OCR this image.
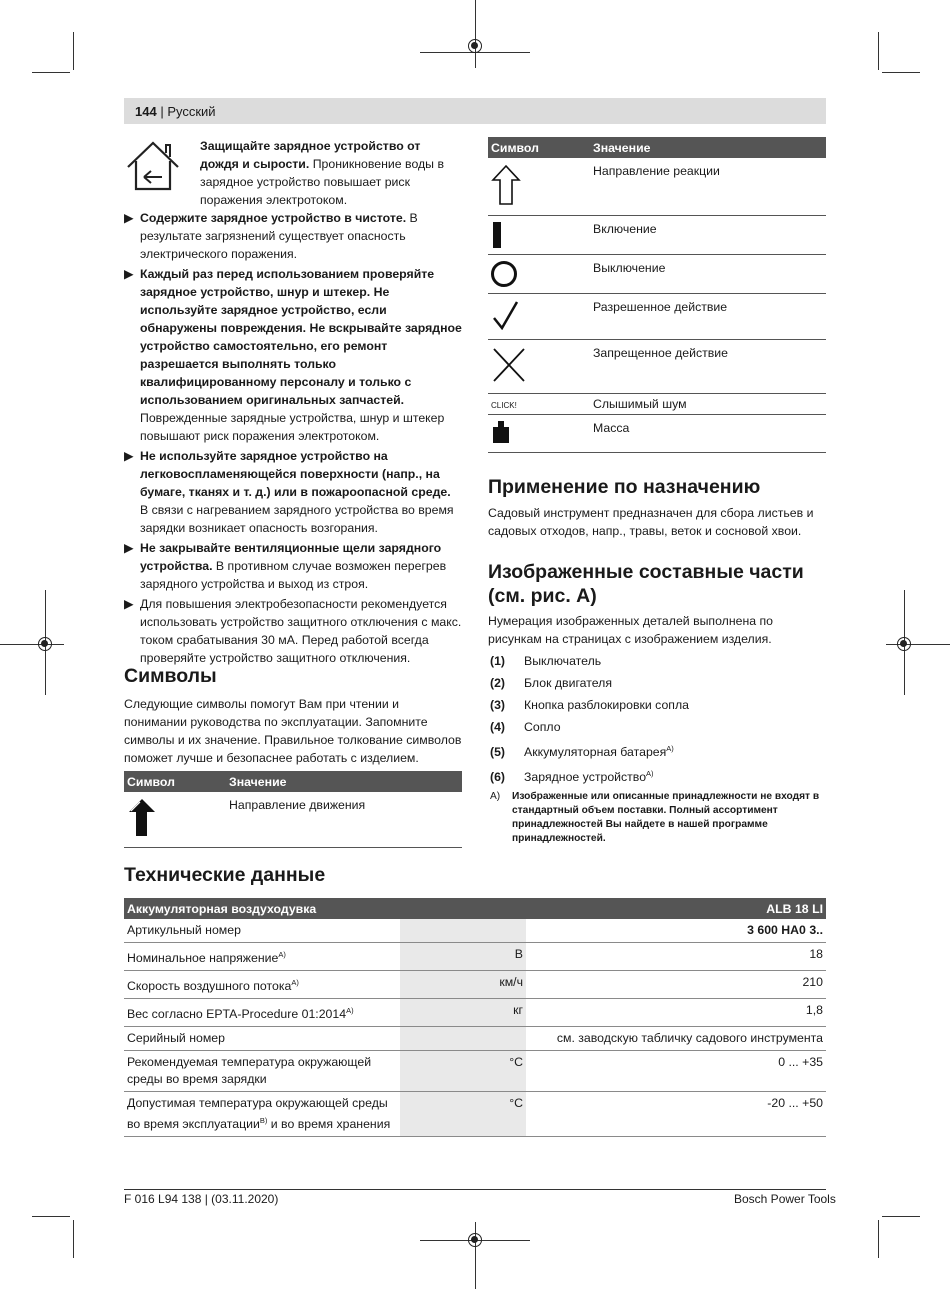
144 | Русский
Защищайте зарядное устройство от дождя и сырости. Проникновение воды в зарядное устройство повышает риск поражения электротоком.
▶ Содержите зарядное устройство в чистоте. В результате загрязнений существует опасность электрического поражения.
▶ Каждый раз перед использованием проверяйте зарядное устройство, шнур и штекер. Не используйте зарядное устройство, если обнаружены повреждения. Не вскрывайте зарядное устройство самостоятельно, его ремонт разрешается выполнять только квалифицированному персоналу и только с использованием оригинальных запчастей. Поврежденные зарядные устройства, шнур и штекер повышают риск поражения электротоком.
▶ Не используйте зарядное устройство на легковоспламеняющейся поверхности (напр., на бумаге, тканях и т. д.) или в пожароопасной среде. В связи с нагреванием зарядного устройства во время зарядки возникает опасность возгорания.
▶ Не закрывайте вентиляционные щели зарядного устройства. В противном случае возможен перегрев зарядного устройства и выход из строя.
▶ Для повышения электробезопасности рекомендуется использовать устройство защитного отключения с макс. током срабатывания 30 мА. Перед работой всегда проверяйте устройство защитного отключения.
Символы
Следующие символы помогут Вам при чтении и понимании руководства по эксплуатации. Запомните символы и их значение. Правильное толкование символов поможет лучше и безопаснее работать с изделием.
Символ	Значение
	Направление движения
Символ	Значение
	Направление реакции

	Включение

	Выключение
	Разрешенное действие
	Запрещенное действие
CLICK!	Слышимый шум
	Масса
Применение по назначению
Садовый инструмент предназначен для сбора листьев и садовых отходов, напр., травы, веток и сосновой хвои.
Изображенные составные части
(см. рис. A)
Нумерация изображенных деталей выполнена по рисункам на страницах с изображением изделия.
(1) Выключатель
(2) Блок двигателя
(3) Кнопка разблокировки сопла
(4) Сопло
(5) Аккумуляторная батарея$^{A)}$
(6) Зарядное устройство$^{A)}$
A) Изображенные или описанные принадлежности не входят в стандартный объем поставки. Полный ассортимент принадлежностей Вы найдете в нашей программе принадлежностей.
Технические данные
Аккумуляторная воздуходувка		ALB 18 LI
Артикульный номер		3 600 HA0 3..
Номинальное напряжение$^{A)}$	В	18
Скорость воздушного потока$^{A)}$	км/ч	210
Вес согласно EPTA-Procedure $01:2014^{A)}$	кг	1,8
Серийный номер		см. заводскую табличку садового инструмента
Рекомендуемая температура окружающей
среды во время зарядки	°C	0 ... +35
Допустимая температура окружающей среды
во время эксплуатации$^{B)}$ и во время хранения	°C	-20 ... +50
F 016 L94 138 | (03.11.2020)	Bosch Power Tools
